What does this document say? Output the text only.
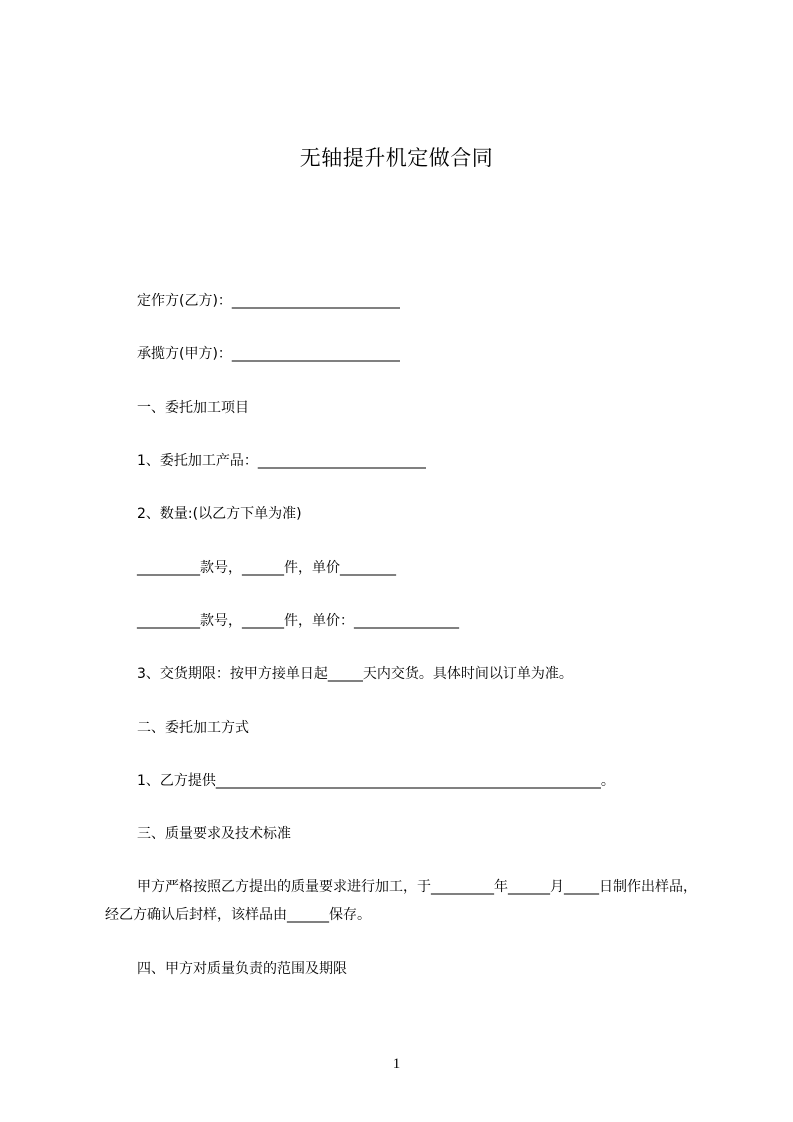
无轴提升机定做合同
定作方(乙方)：________________________
承揽方(甲方)：________________________
一、委托加工项目
1、委托加工产品：________________________
2、数量:(以乙方下单为准)
_________款号，______件，单价________
_________款号，______件，单价：_______________
3、交货期限：按甲方接单日起_____天内交货。具体时间以订单为准。
二、委托加工方式
1、乙方提供_______________________________________________________。
三、质量要求及技术标准
甲方严格按照乙方提出的质量要求进行加工，于_________年______月_____日制作出样品，经乙方确认后封样，该样品由______保存。
四、甲方对质量负责的范围及期限
1
